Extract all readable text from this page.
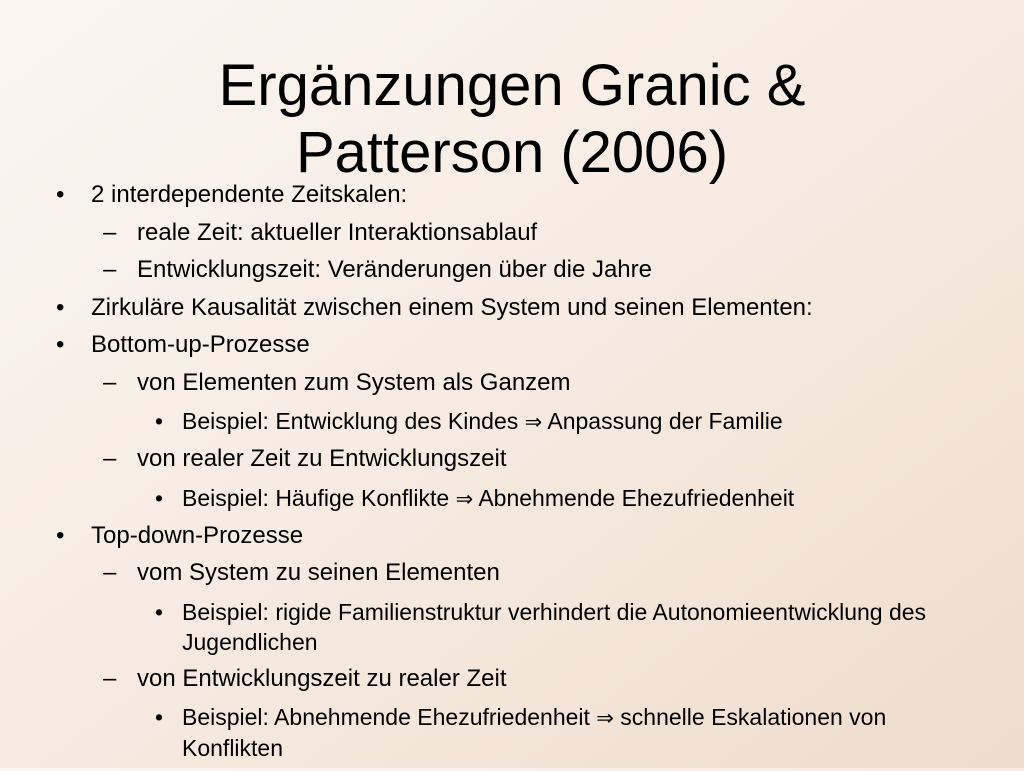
Ergänzungen Granic &
Patterson (2006)
• 2 interdependente Zeitskalen:
– reale Zeit: aktueller Interaktionsablauf
– Entwicklungszeit: Veränderungen über die Jahre
• Zirkuläre Kausalität zwischen einem System und seinen Elementen:
• Bottom-up-Prozesse
– von Elementen zum System als Ganzem
• Beispiel: Entwicklung des Kindes ⇒ Anpassung der Familie
– von realer Zeit zu Entwicklungszeit
• Beispiel: Häufige Konflikte ⇒ Abnehmende Ehezufriedenheit
• Top-down-Prozesse
– vom System zu seinen Elementen
• Beispiel: rigide Familienstruktur verhindert die Autonomieentwicklung des Jugendlichen
– von Entwicklungszeit zu realer Zeit
• Beispiel: Abnehmende Ehezufriedenheit ⇒ schnelle Eskalationen von Konflikten
